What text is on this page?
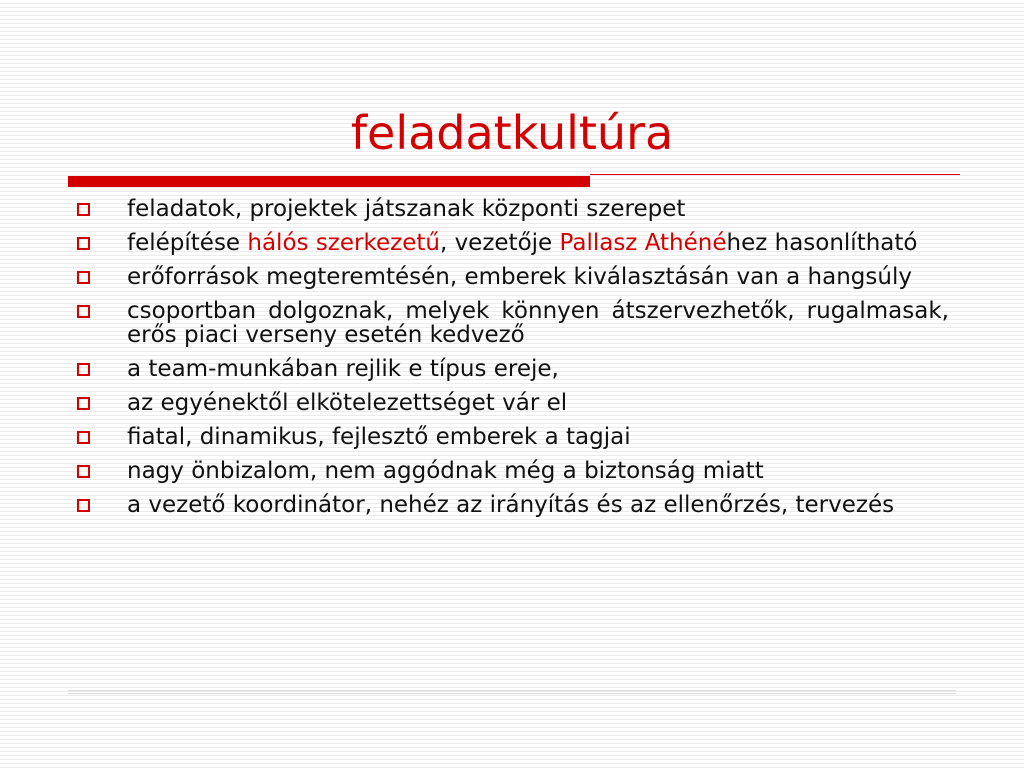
feladatkultúra
feladatok, projektek játszanak központi szerepet
felépítése hálós szerkezetű, vezetője Pallasz Athénéhez hasonlítható
erőforrások megteremtésén, emberek kiválasztásán van a hangsúly
csoportban dolgoznak, melyek könnyen átszervezhetők, rugalmasak, erős piaci verseny esetén kedvező
a team-munkában rejlik e típus ereje,
az egyénektől elkötelezettséget vár el
fiatal, dinamikus, fejlesztő emberek a tagjai
nagy önbizalom, nem aggódnak még a biztonság miatt
a vezető koordinátor, nehéz az irányítás és az ellenőrzés, tervezés
